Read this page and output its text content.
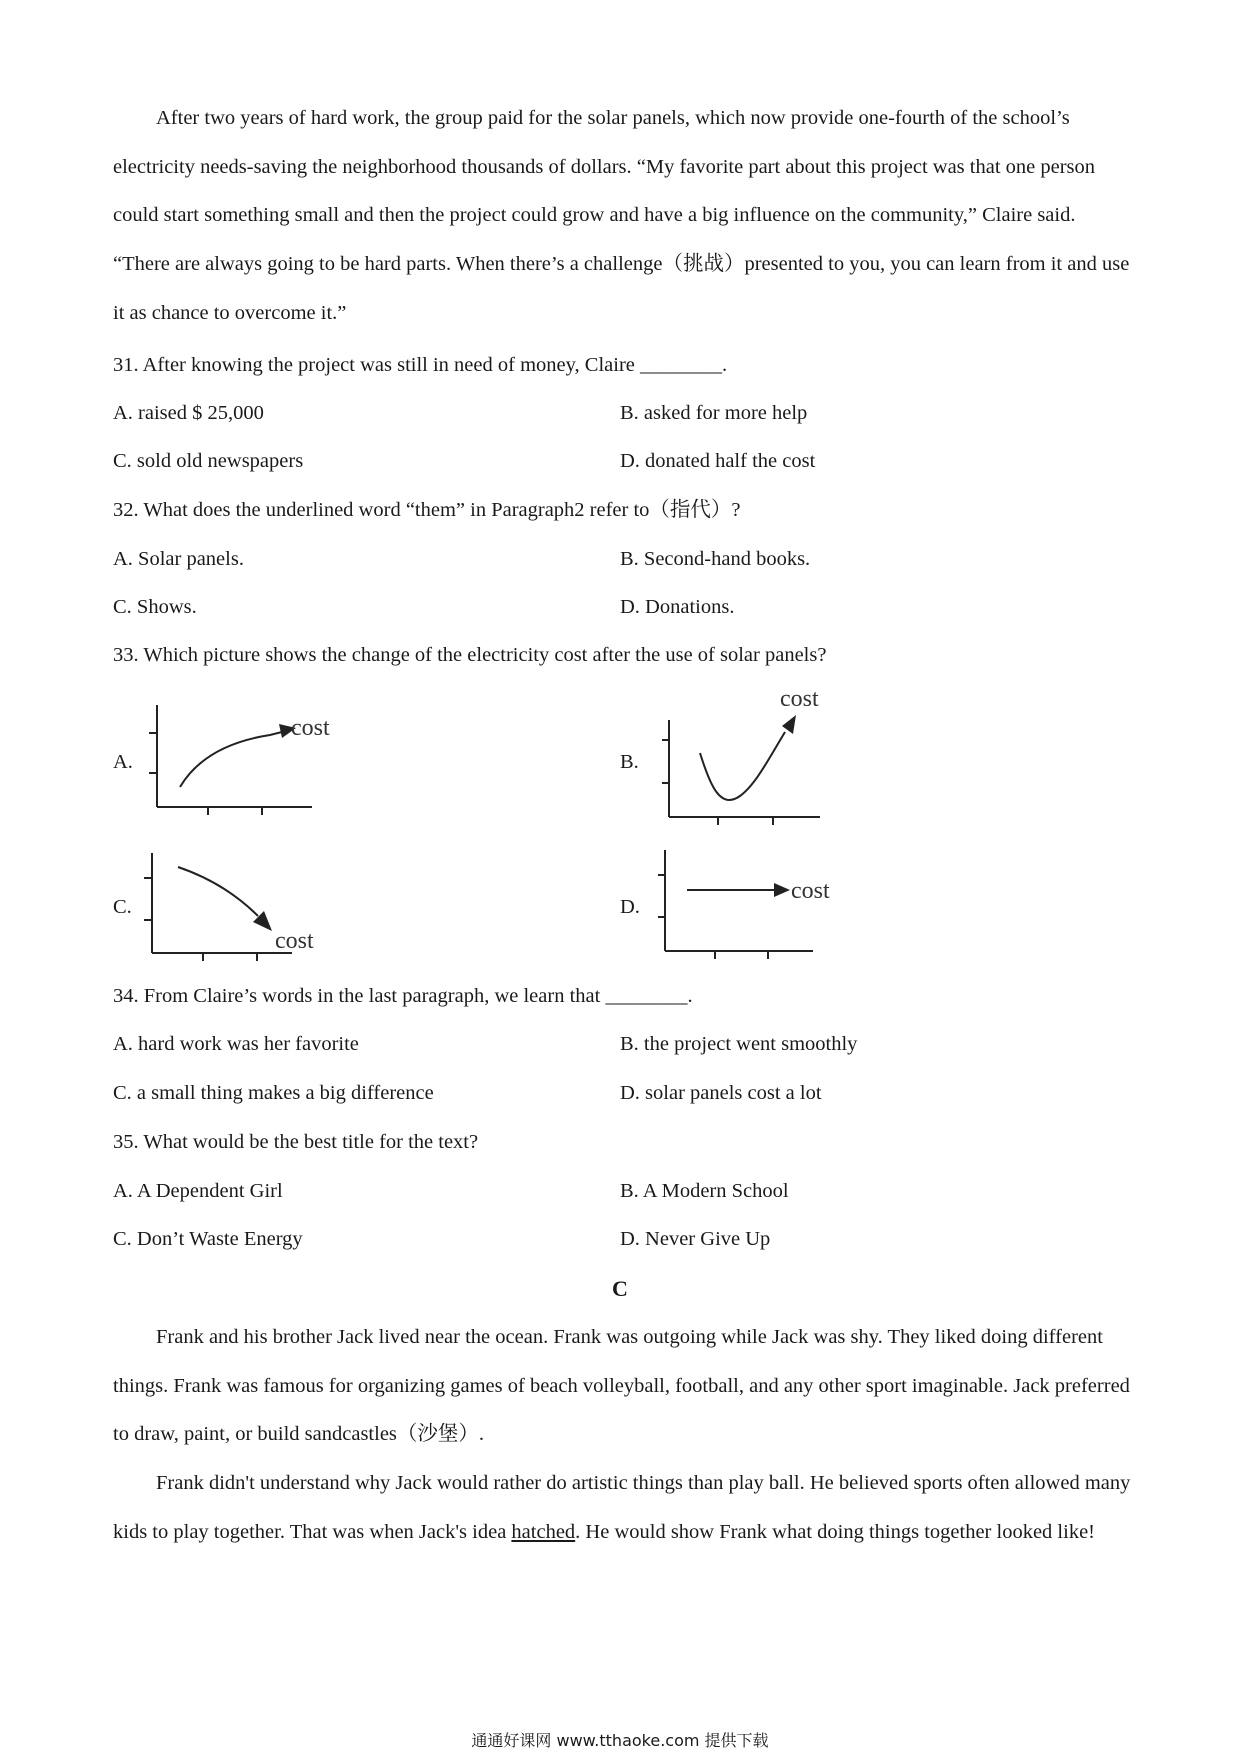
After two years of hard work, the group paid for the solar panels, which now provide one-fourth of the school’s electricity needs-saving the neighborhood thousands of dollars. “My favorite part about this project was that one person could start something small and then the project could grow and have a big influence on the community,” Claire said. “There are always going to be hard parts. When there’s a challenge（挑战）presented to you, you can learn from it and use it as chance to overcome it.”

31. After knowing the project was still in need of money, Claire ________.
A. raised $ 25,000	B. asked for more help
C. sold old newspapers	D. donated half the cost
32. What does the underlined word “them” in Paragraph2 refer to（指代）?
A. Solar panels.	B. Second-hand books.
C. Shows.	D. Donations.
33. Which picture shows the change of the electricity cost after the use of solar panels?
A.
cost
B.
cost
C.
cost
D.
cost
34. From Claire’s words in the last paragraph, we learn that ________.
A. hard work was her favorite	B. the project went smoothly
C. a small thing makes a big difference	D. solar panels cost a lot
35. What would be the best title for the text?
A. A Dependent Girl	B. A Modern School
C. Don’t Waste Energy	D. Never Give Up
C

Frank and his brother Jack lived near the ocean. Frank was outgoing while Jack was shy. They liked doing different things. Frank was famous for organizing games of beach volleyball, football, and any other sport imaginable. Jack preferred to draw, paint, or build sandcastles（沙堡）.

Frank didn't understand why Jack would rather do artistic things than play ball. He believed sports often allowed many kids to play together. That was when Jack's idea hatched. He would show Frank what doing things together looked like!

通通好课网 www.tthaoke.com 提供下载
